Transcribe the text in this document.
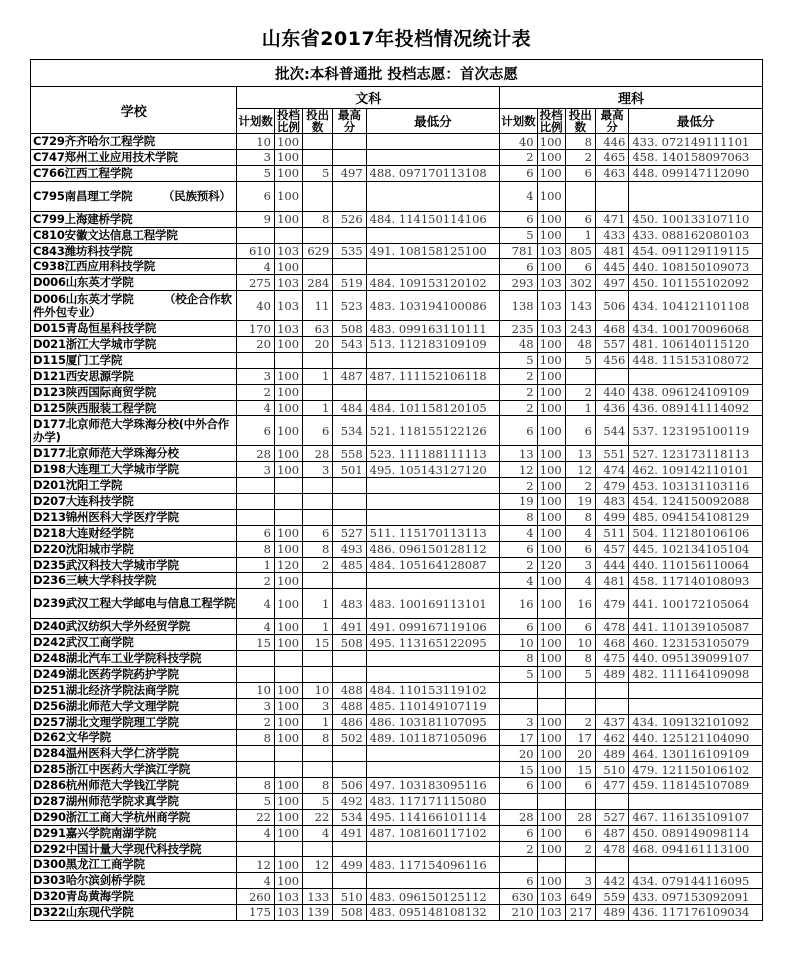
山东省2017年投档情况统计表
批次:本科普通批 投档志愿：首次志愿										
学校	文科					理科				
	计划数	投档比例	投出数	最高分	最低分	计划数	投档比例	投出数	最高分	最低分
C729齐齐哈尔工程学院	10	100				40	100	8	446	433. 072149111101
C747郑州工业应用技术学院	3	100				2	100	2	465	458. 140158097063
C766江西工程学院	5	100	5	497	488. 097170113108	6	100	6	463	448. 099147112090
C795南昌理工学院        （民族预科）	6	100				4	100			
C799上海建桥学院	9	100	8	526	484. 114150114106	6	100	6	471	450. 100133107110
C810安徽文达信息工程学院						5	100	1	433	433. 088162080103
C843潍坊科技学院	610	103	629	535	491. 108158125100	781	103	805	481	454. 091129119115
C938江西应用科技学院	4	100				6	100	6	445	440. 108150109073
D006山东英才学院	275	103	284	519	484. 109153120102	293	103	302	497	450. 101155102092
D006山东英才学院        （校企合作软件外包专业）	40	103	11	523	483. 103194100086	138	103	143	506	434. 104121101108
D015青岛恒星科技学院	170	103	63	508	483. 099163110111	235	103	243	468	434. 100170096068
D021浙江大学城市学院	20	100	20	543	513. 112183109109	48	100	48	557	481. 106140115120
D115厦门工学院						5	100	5	456	448. 115153108072
D121西安思源学院	3	100	1	487	487. 111152106118	2	100			
D123陕西国际商贸学院	2	100				2	100	2	440	438. 096124109109
D125陕西服装工程学院	4	100	1	484	484. 101158120105	2	100	1	436	436. 089141114092
D177北京师范大学珠海分校(中外合作办学)	6	100	6	534	521. 118155122126	6	100	6	544	537. 123195100119
D177北京师范大学珠海分校	28	100	28	558	523. 111188111113	13	100	13	551	527. 123173118113
D198大连理工大学城市学院	3	100	3	501	495. 105143127120	12	100	12	474	462. 109142110101
D201沈阳工学院						2	100	2	479	453. 103131103116
D207大连科技学院						19	100	19	483	454. 124150092088
D213锦州医科大学医疗学院						8	100	8	499	485. 094154108129
D218大连财经学院	6	100	6	527	511. 115170113113	4	100	4	511	504. 112180106106
D220沈阳城市学院	8	100	8	493	486. 096150128112	6	100	6	457	445. 102134105104
D235武汉科技大学城市学院	1	120	2	485	484. 105164128087	2	120	3	444	440. 110156110064
D236三峡大学科技学院	2	100				4	100	4	481	458. 117140108093
D239武汉工程大学邮电与信息工程学院	4	100	1	483	483. 100169113101	16	100	16	479	441. 100172105064
D240武汉纺织大学外经贸学院	4	100	1	491	491. 099167119106	6	100	6	478	441. 110139105087
D242武汉工商学院	15	100	15	508	495. 113165122095	10	100	10	468	460. 123153105079
D248湖北汽车工业学院科技学院						8	100	8	475	440. 095139099107
D249湖北医药学院药护学院						5	100	5	489	482. 111164109098
D251湖北经济学院法商学院	10	100	10	488	484. 110153119102					
D256湖北师范大学文理学院	3	100	3	488	485. 110149107119					
D257湖北文理学院理工学院	2	100	1	486	486. 103181107095	3	100	2	437	434. 109132101092
D262文华学院	8	100	8	502	489. 101187105096	17	100	17	462	440. 125121104090
D284温州医科大学仁济学院						20	100	20	489	464. 130116109109
D285浙江中医药大学滨江学院						15	100	15	510	479. 121150106102
D286杭州师范大学钱江学院	8	100	8	506	497. 103183095116	6	100	6	477	459. 118145107089
D287湖州师范学院求真学院	5	100	5	492	483. 117171115080					
D290浙江工商大学杭州商学院	22	100	22	534	495. 114166101114	28	100	28	527	467. 116135109107
D291嘉兴学院南湖学院	4	100	4	491	487. 108160117102	6	100	6	487	450. 089149098114
D292中国计量大学现代科技学院						2	100	2	478	468. 094161113100
D300黑龙江工商学院	12	100	12	499	483. 117154096116					
D303哈尔滨剑桥学院	4	100				6	100	3	442	434. 079144116095
D320青岛黄海学院	260	103	133	510	483. 096150125112	630	103	649	559	433. 097153092091
D322山东现代学院	175	103	139	508	483. 095148108132	210	103	217	489	436. 117176109034
